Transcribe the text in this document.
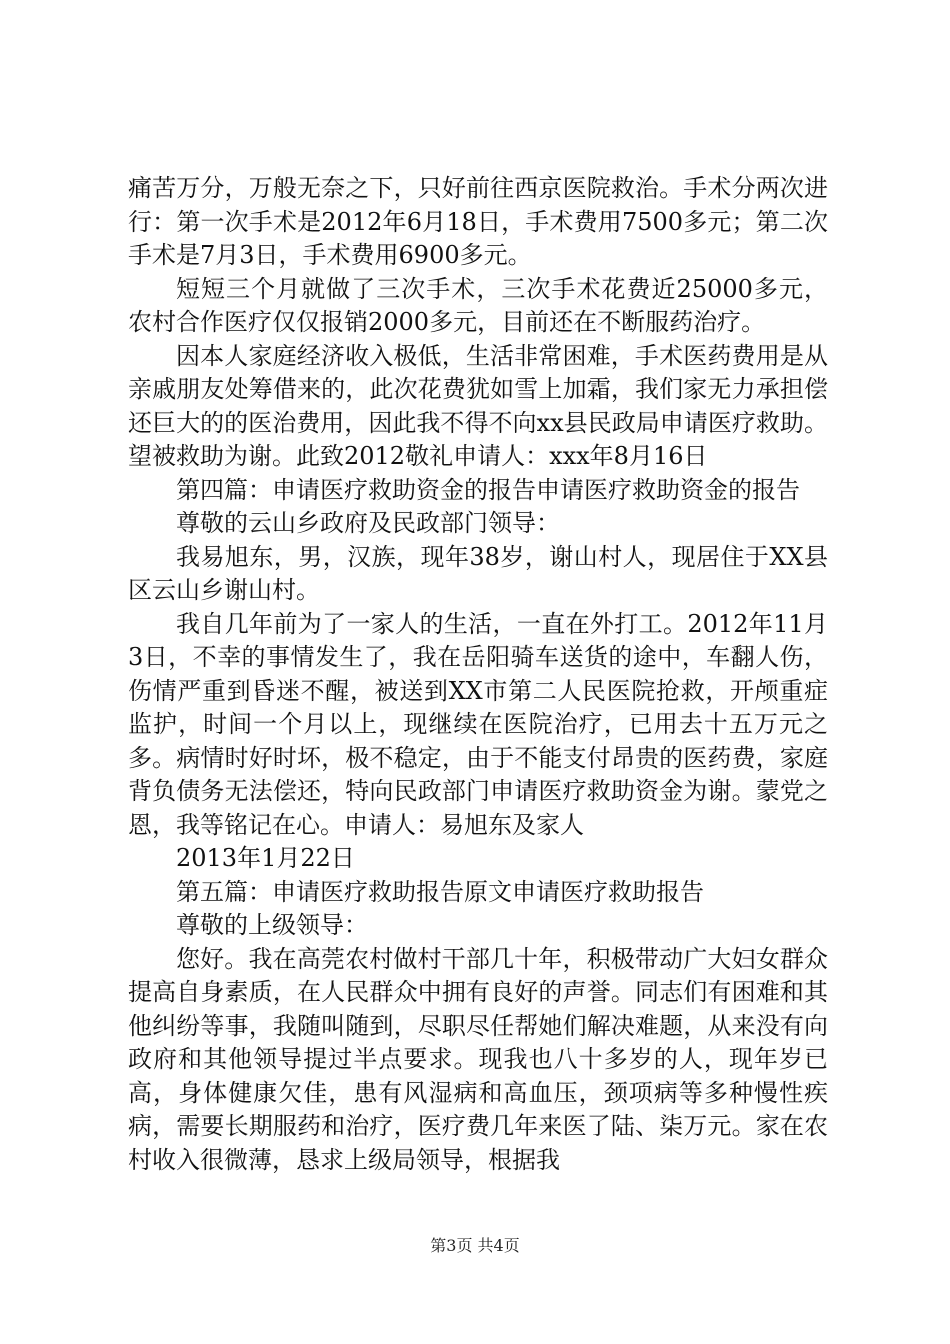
痛苦万分，万般无奈之下，只好前往西京医院救治。手术分两次进行：第一次手术是2012年6月18日，手术费用7500多元；第二次手术是7月3日，手术费用6900多元。

短短三个月就做了三次手术，三次手术花费近25000多元，农村合作医疗仅仅报销2000多元，目前还在不断服药治疗。

因本人家庭经济收入极低，生活非常困难，手术医药费用是从亲戚朋友处筹借来的，此次花费犹如雪上加霜，我们家无力承担偿还巨大的的医治费用，因此我不得不向xx县民政局申请医疗救助。望被救助为谢。此致2012敬礼申请人：xxx年8月16日

第四篇：申请医疗救助资金的报告申请医疗救助资金的报告

尊敬的云山乡政府及民政部门领导：

我易旭东，男，汉族，现年38岁，谢山村人，现居住于XX县区云山乡谢山村。

我自几年前为了一家人的生活，一直在外打工。2012年11月3日，不幸的事情发生了，我在岳阳骑车送货的途中，车翻人伤，伤情严重到昏迷不醒，被送到XX市第二人民医院抢救，开颅重症监护，时间一个月以上，现继续在医院治疗，已用去十五万元之多。病情时好时坏，极不稳定，由于不能支付昂贵的医药费，家庭背负债务无法偿还，特向民政部门申请医疗救助资金为谢。蒙党之恩，我等铭记在心。申请人：易旭东及家人

2013年1月22日

第五篇：申请医疗救助报告原文申请医疗救助报告

尊敬的上级领导：

您好。我在高莞农村做村干部几十年，积极带动广大妇女群众提高自身素质，在人民群众中拥有良好的声誉。同志们有困难和其他纠纷等事，我随叫随到，尽职尽任帮她们解决难题，从来没有向政府和其他领导提过半点要求。现我也八十多岁的人，现年岁已高，身体健康欠佳，患有风湿病和高血压，颈项病等多种慢性疾病，需要长期服药和治疗，医疗费几年来医了陆、柒万元。家在农村收入很微薄，恳求上级局领导，根据我

第3页 共4页
